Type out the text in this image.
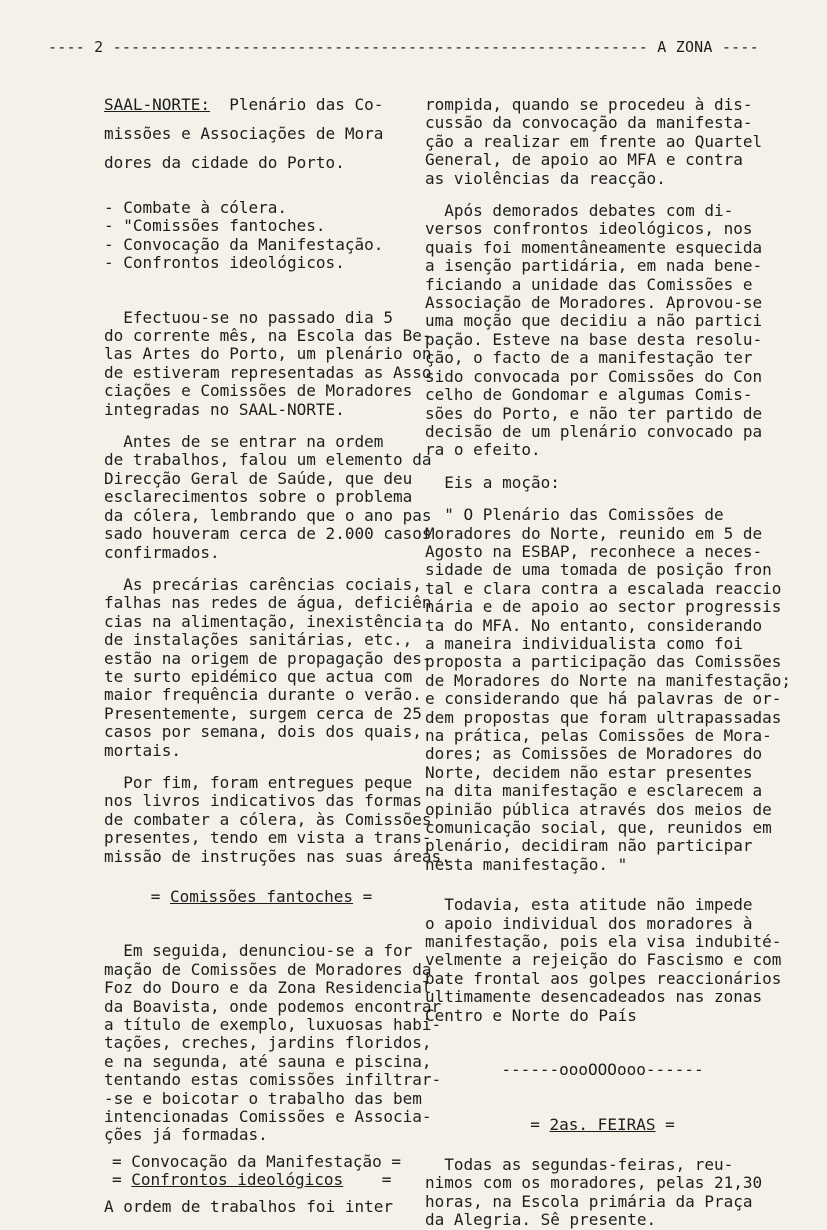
---- 2 ---------------------------------------------------------- A ZONA ----
SAAL-NORTE:  Plenário das Co-
missões e Associações de Mora
dores da cidade do Porto.
- Combate à cólera.
- "Comissões fantoches.
- Convocação da Manifestação.
- Confrontos ideológicos.
Efectuou-se no passado dia 5
do corrente mês, na Escola das Be-
las Artes do Porto, um plenário on
de estiveram representadas as Asso
ciações e Comissões de Moradores
integradas no SAAL-NORTE.
Antes de se entrar na ordem
de trabalhos, falou um elemento da
Direcção Geral de Saúde, que deu
esclarecimentos sobre o problema
da cólera, lembrando que o ano pas
sado houveram cerca de 2.000 casos
confirmados.
As precárias carências cociais,
falhas nas redes de água, deficiên
cias na alimentação, inexistência
de instalações sanitárias, etc.,
estão na origem de propagação des-
te surto epidémico que actua com
maior frequência durante o verão.
Presentemente, surgem cerca de 25
casos por semana, dois dos quais,
mortais.
Por fim, foram entregues peque
nos livros indicativos das formas
de combater a cólera, às Comissões
presentes, tendo em vista a trans-
missão de instruções nas suas áreas.
= Comissões fantoches =
Em seguida, denunciou-se a for
mação de Comissões de Moradores da
Foz do Douro e da Zona Residencial
da Boavista, onde podemos encontrar
a título de exemplo, luxuosas habi-
tações, creches, jardins floridos,
e na segunda, até sauna e piscina,
tentando estas comissões infiltrar-
-se e boicotar o trabalho das bem
intencionadas Comissões e Associa-
ções já formadas.
= Convocação da Manifestação =
= Confrontos ideológicos    =
A ordem de trabalhos foi inter
rompida, quando se procedeu à dis-
cussão da convocação da manifesta-
ção a realizar em frente ao Quartel
General, de apoio ao MFA e contra
as violências da reacção.
Após demorados debates com di-
versos confrontos ideológicos, nos
quais foi momentâneamente esquecida
a isenção partidária, em nada bene-
ficiando a unidade das Comissões e
Associação de Moradores. Aprovou-se
uma moção que decidiu a não partici
pação. Esteve na base desta resolu-
ção, o facto de a manifestação ter
sido convocada por Comissões do Con
celho de Gondomar e algumas Comis-
sões do Porto, e não ter partido de
decisão de um plenário convocado pa
ra o efeito.
Eis a moção:
" O Plenário das Comissões de
Moradores do Norte, reunido em 5 de
Agosto na ESBAP, reconhece a neces-
sidade de uma tomada de posição fron
tal e clara contra a escalada reaccio
nária e de apoio ao sector progressis
ta do MFA. No entanto, considerando
a maneira individualista como foi
proposta a participação das Comissões
de Moradores do Norte na manifestação;
e considerando que há palavras de or-
dem propostas que foram ultrapassadas
na prática, pelas Comissões de Mora-
dores; as Comissões de Moradores do
Norte, decidem não estar presentes
na dita manifestação e esclarecem a
opinião pública através dos meios de
comunicação social, que, reunidos em
plenário, decidiram não participar
nesta manifestação. "
Todavia, esta atitude não impede
o apoio individual dos moradores à
manifestação, pois ela visa indubité-
velmente a rejeição do Fascismo e com
bate frontal aos golpes reaccionários
ultimamente desencadeados nas zonas
Centro e Norte do País
------oooOOOooo------
= 2as. FEIRAS =
Todas as segundas-feiras, reu-
nimos com os moradores, pelas 21,30
horas, na Escola primária da Praça
da Alegria. Sê presente.
